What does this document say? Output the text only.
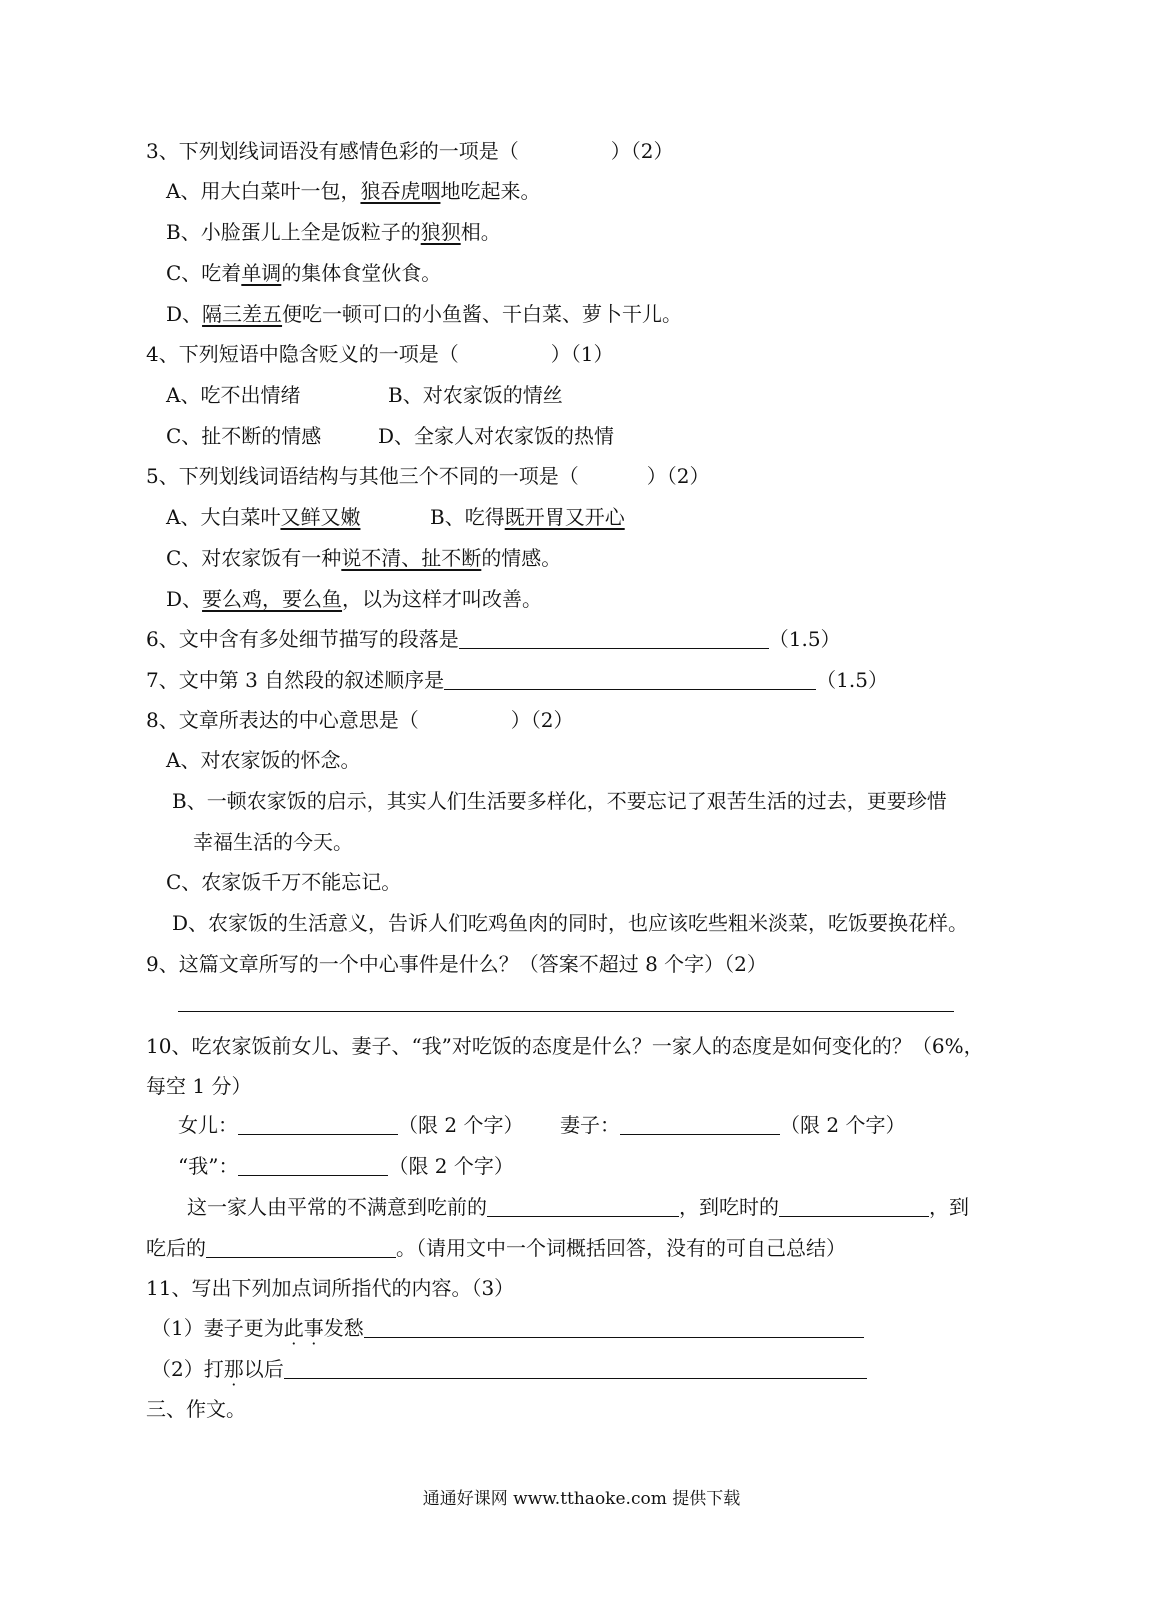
3、下列划线词语没有感情色彩的一项是（	）（2）
A、用大白菜叶一包，狼吞虎咽地吃起来。
B、小脸蛋儿上全是饭粒子的狼狈相。
C、吃着单调的集体食堂伙食。
D、隔三差五便吃一顿可口的小鱼酱、干白菜、萝卜干儿。
4、下列短语中隐含贬义的一项是（	）（1）
A、吃不出情绪	B、对农家饭的情丝
C、扯不断的情感	D、全家人对农家饭的热情
5、下列划线词语结构与其他三个不同的一项是（	）（2）
A、大白菜叶又鲜又嫩	B、吃得既开胃又开心
C、对农家饭有一种说不清、扯不断的情感。
D、要么鸡，要么鱼，以为这样才叫改善。
6、文中含有多处细节描写的段落是	（1.5）
7、文中第 3 自然段的叙述顺序是	（1.5）
8、文章所表达的中心意思是（	）（2）
A、对农家饭的怀念。
B、一顿农家饭的启示，其实人们生活要多样化，不要忘记了艰苦生活的过去，更要珍惜
幸福生活的今天。
C、农家饭千万不能忘记。
D、农家饭的生活意义，告诉人们吃鸡鱼肉的同时，也应该吃些粗米淡菜，吃饭要换花样。
9、这篇文章所写的一个中心事件是什么？（答案不超过 8 个字）（2）
10、吃农家饭前女儿、妻子、“我”对吃饭的态度是什么？一家人的态度是如何变化的？（6%，
每空 1 分）
女儿：	（限 2 个字） 妻子：	（限 2 个字）
“我”：	（限 2 个字）
这一家人由平常的不满意到吃前的	，到吃时的	，到
吃后的	。（请用文中一个词概括回答，没有的可自己总结）
11、写出下列加点词所指代的内容。（3）
（1）妻子更为此事发愁
（2）打那以后
三、作文。
通通好课网 www.tthaoke.com 提供下载
